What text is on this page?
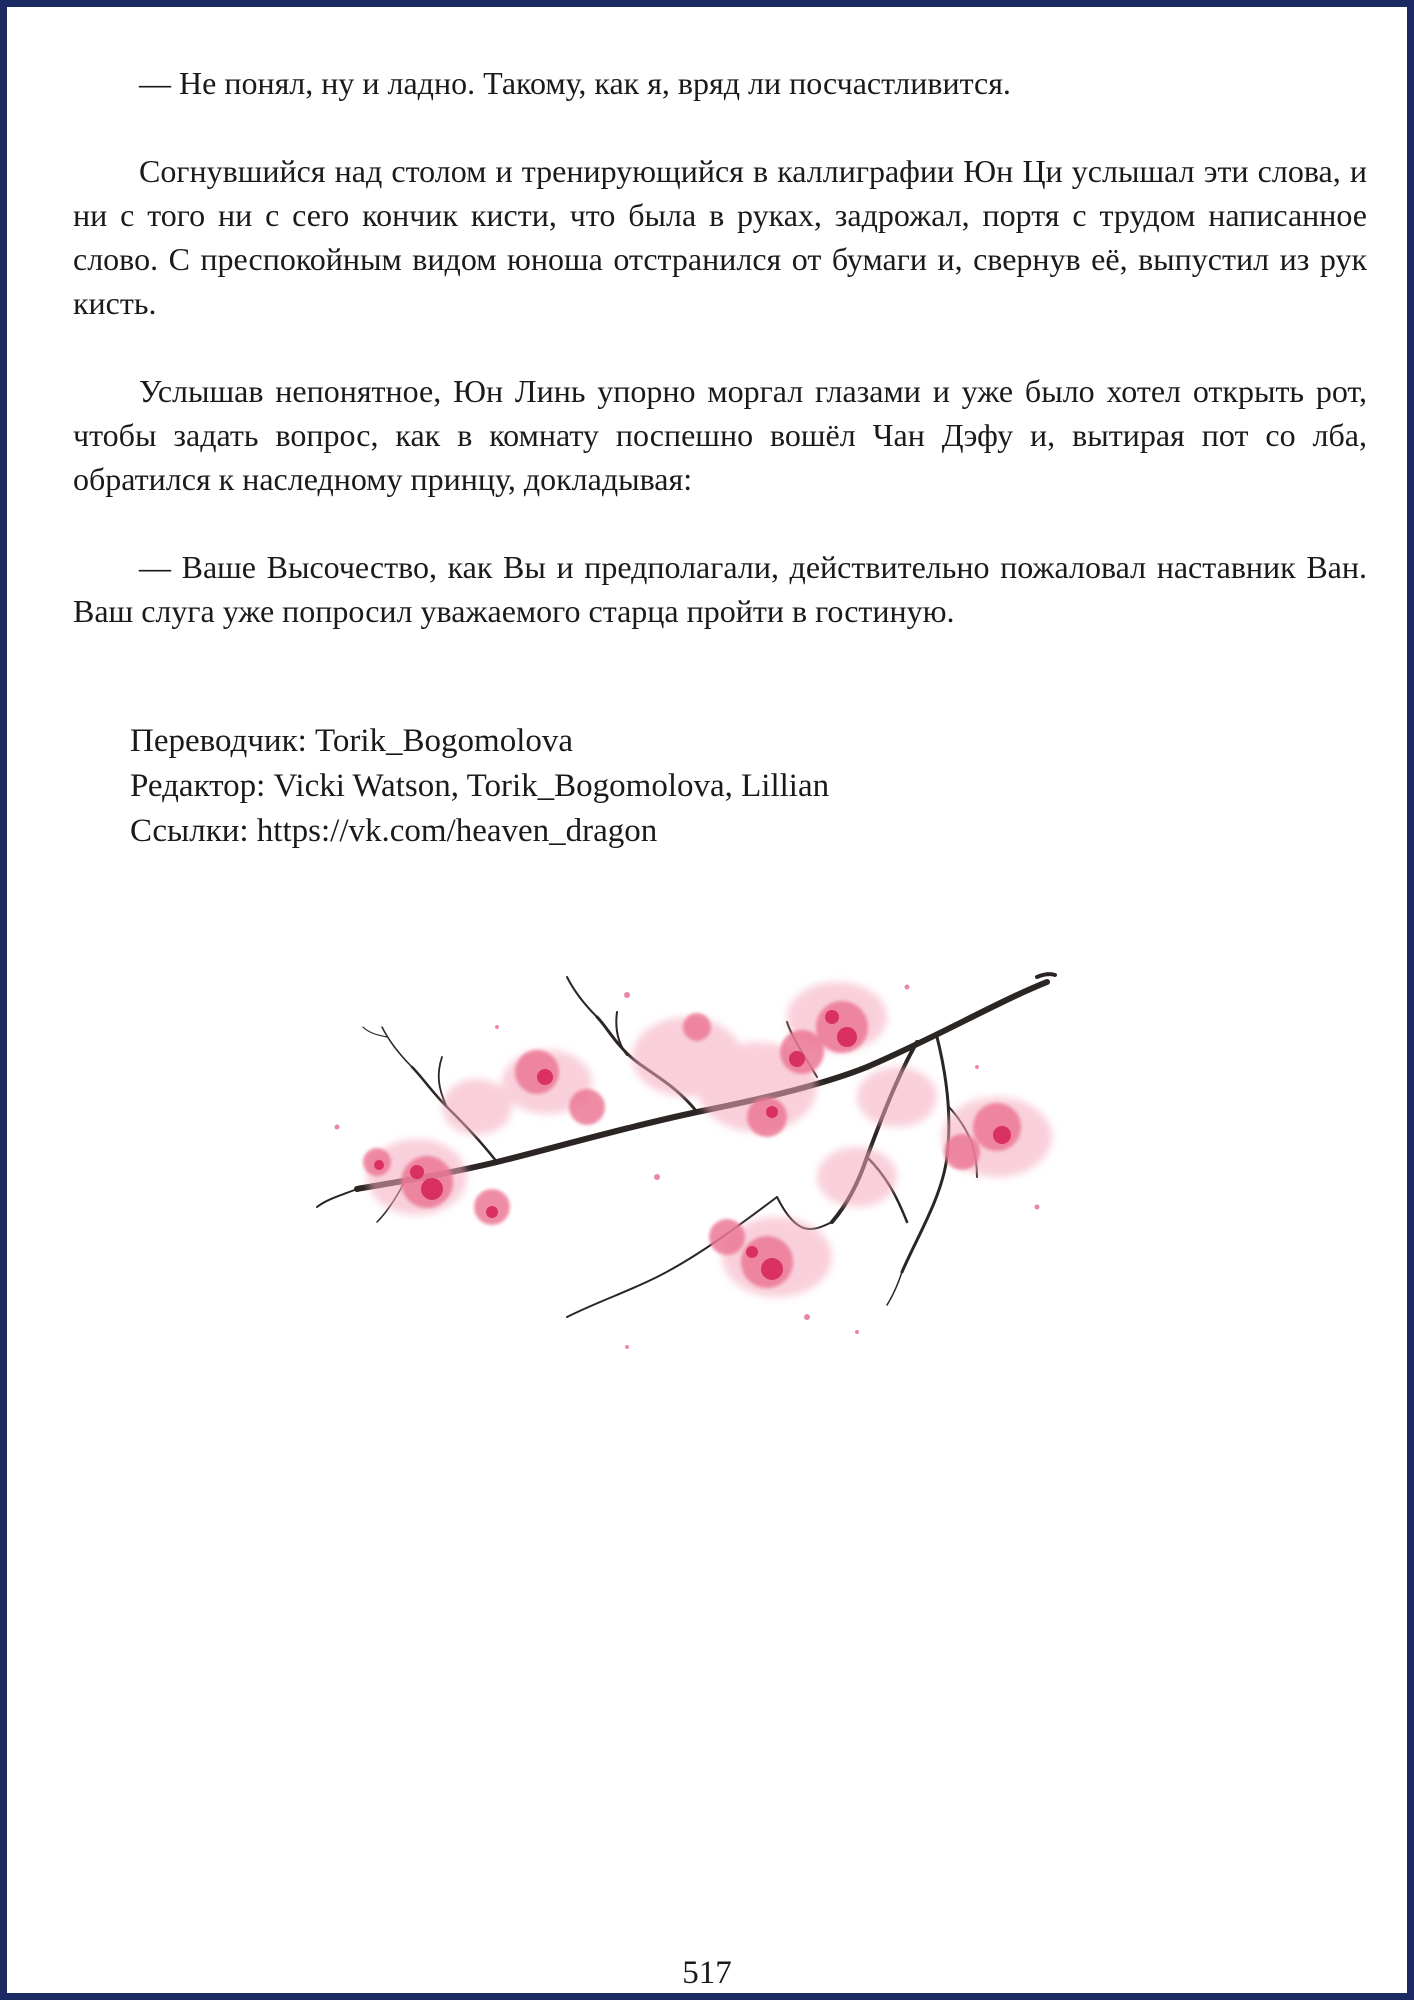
— Не понял, ну и ладно. Такому, как я, вряд ли посчастливится.

Согнувшийся над столом и тренирующийся в каллиграфии Юн Ци услышал эти слова, и ни с того ни с сего кончик кисти, что была в руках, задрожал, портя с трудом написанное слово. С преспокойным видом юноша отстранился от бумаги и, свернув её, выпустил из рук кисть.

Услышав непонятное, Юн Линь упорно моргал глазами и уже было хотел открыть рот, чтобы задать вопрос, как в комнату поспешно вошёл Чан Дэфу и, вытирая пот со лба, обратился к наследному принцу, докладывая:

— Ваше Высочество, как Вы и предполагали, действительно пожаловал наставник Ван. Ваш слуга уже попросил уважаемого старца пройти в гостиную.

Переводчик: Torik_Bogomolova
Редактор: Vicki Watson, Torik_Bogomolova, Lillian
Ссылки: https://vk.com/heaven_dragon
517
